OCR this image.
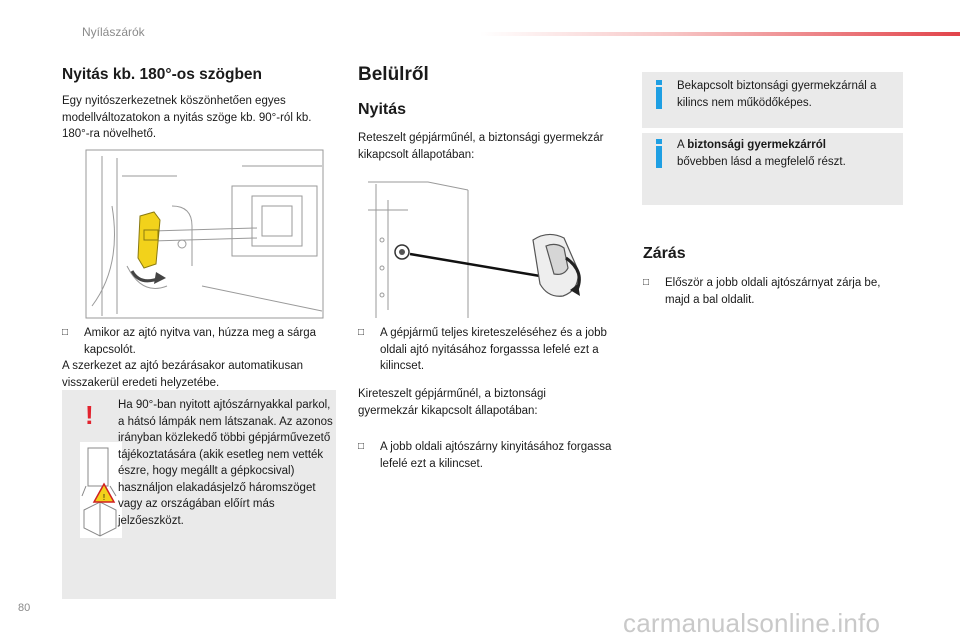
Nyílászárók
Nyitás kb. 180°-os szögben

Egy nyitószerkezetnek köszönhetően egyes modellváltozatokon a nyitás szöge kb. 90°-ról kb. 180°-ra növelhető.

□	Amikor az ajtó nyitva van, húzza meg a sárga kapcsolót.

A szerkezet az ajtó bezárásakor automatikusan visszakerül eredeti helyzetébe.

!
!

Ha 90°-ban nyitott ajtószárnyakkal parkol, a hátsó lámpák nem látszanak. Az azonos irányban közlekedő többi gépjárművezető tájékoztatására (akik esetleg nem vették észre, hogy megállt a gépkocsival) használjon elakadásjelző háromszöget vagy az országában előírt más jelzőeszközt.

Belülről
Nyitás

Reteszelt gépjárműnél, a biztonsági gyermekzár kikapcsolt állapotában:

□	A gépjármű teljes kireteszeléséhez és a jobb oldali ajtó nyitásához forgasssa lefelé ezt a kilincset.

Kireteszelt gépjárműnél, a biztonsági gyermekzár kikapcsolt állapotában:

□	A jobb oldali ajtószárny kinyitásához forgassa lefelé ezt a kilincset.

Bekapcsolt biztonsági gyermekzárnál a kilincs nem működőképes.

A biztonsági gyermekzárról
bővebben lásd a megfelelő részt.

Zárás
□	Először a jobb oldali ajtószárnyat zárja be, majd a bal oldalit.
80	carmanualsonline.info
